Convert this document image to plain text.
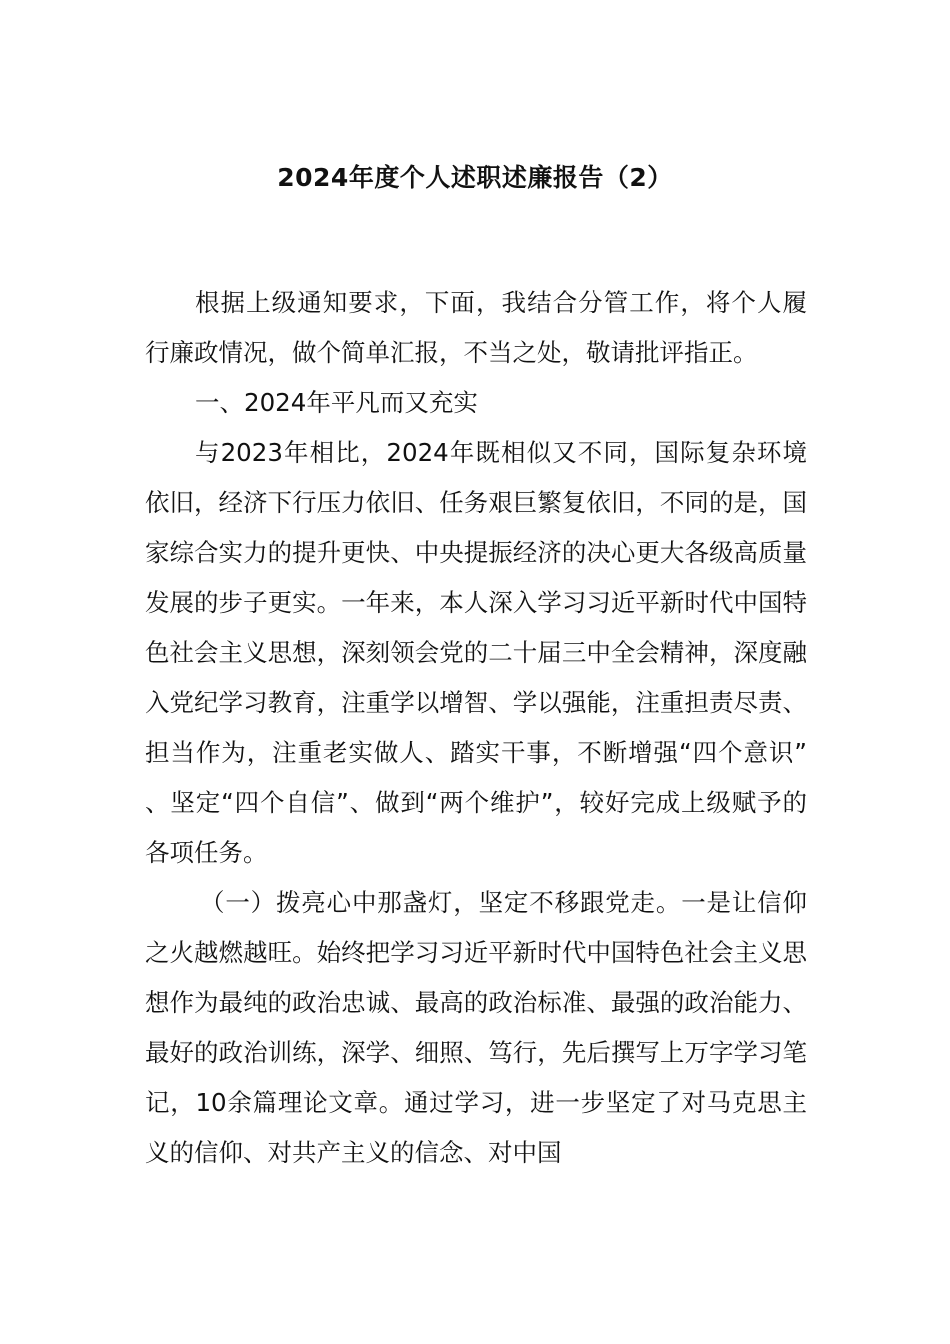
2024年度个人述职述廉报告（2）

根据上级通知要求，下面，我结合分管工作，将个人履行廉政情况，做个简单汇报，不当之处，敬请批评指正。

一、2024年平凡而又充实

与2023年相比，2024年既相似又不同，国际复杂环境依旧，经济下行压力依旧、任务艰巨繁复依旧，不同的是，国家综合实力的提升更快、中央提振经济的决心更大各级高质量发展的步子更实。一年来，本人深入学习习近平新时代中国特色社会主义思想，深刻领会党的二十届三中全会精神，深度融入党纪学习教育，注重学以增智、学以强能，注重担责尽责、担当作为，注重老实做人、踏实干事，不断增强“四个意识”、坚定“四个自信”、做到“两个维护”，较好完成上级赋予的各项任务。

（一）拨亮心中那盏灯，坚定不移跟党走。一是让信仰之火越燃越旺。始终把学习习近平新时代中国特色社会主义思想作为最纯的政治忠诚、最高的政治标准、最强的政治能力、最好的政治训练，深学、细照、笃行，先后撰写上万字学习笔记，10余篇理论文章。通过学习，进一步坚定了对马克思主义的信仰、对共产主义的信念、对中国
